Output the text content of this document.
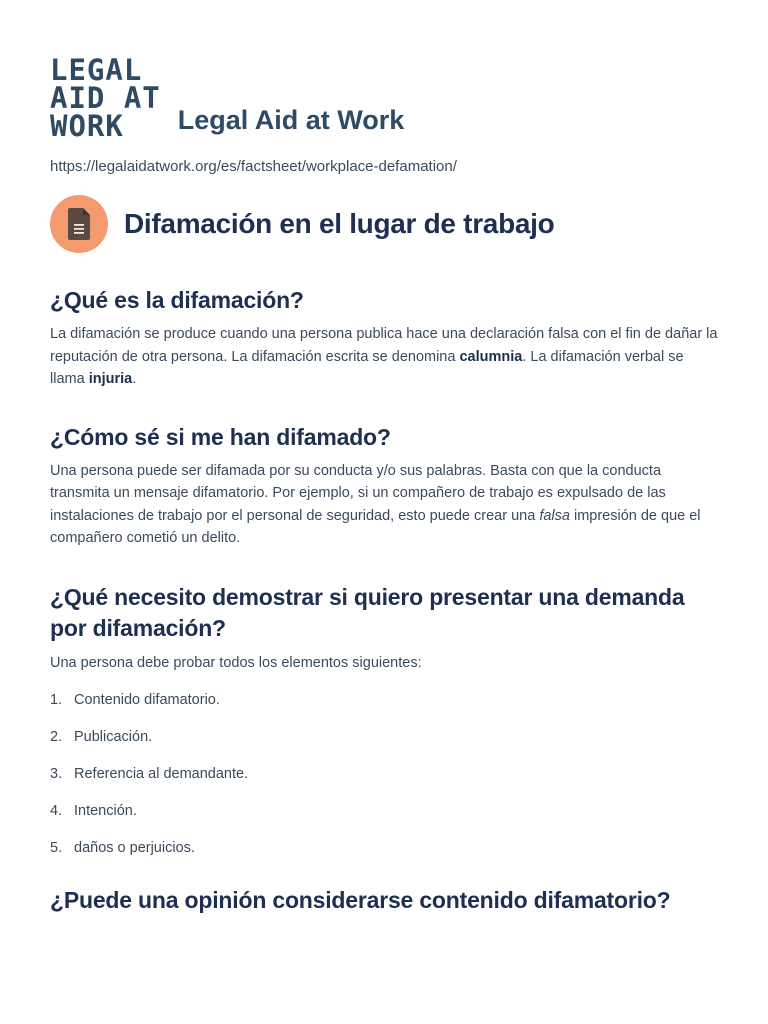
LEGAL
AID AT
WORK	Legal Aid at Work
https://legalaidatwork.org/es/factsheet/workplace-defamation/
Difamación en el lugar de trabajo
¿Qué es la difamación?

La difamación se produce cuando una persona publica hace una declaración falsa con el fin de dañar la reputación de otra persona. La difamación escrita se denomina calumnia. La difamación verbal se llama injuria.

¿Cómo sé si me han difamado?

Una persona puede ser difamada por su conducta y/o sus palabras. Basta con que la conducta transmita un mensaje difamatorio. Por ejemplo, si un compañero de trabajo es expulsado de las instalaciones de trabajo por el personal de seguridad, esto puede crear una falsa impresión de que el compañero cometió un delito.

¿Qué necesito demostrar si quiero presentar una demanda por difamación?

Una persona debe probar todos los elementos siguientes:

1. Contenido difamatorio.
2. Publicación.
3. Referencia al demandante.
4. Intención.
5. daños o perjuicios.
¿Puede una opinión considerarse contenido difamatorio?
